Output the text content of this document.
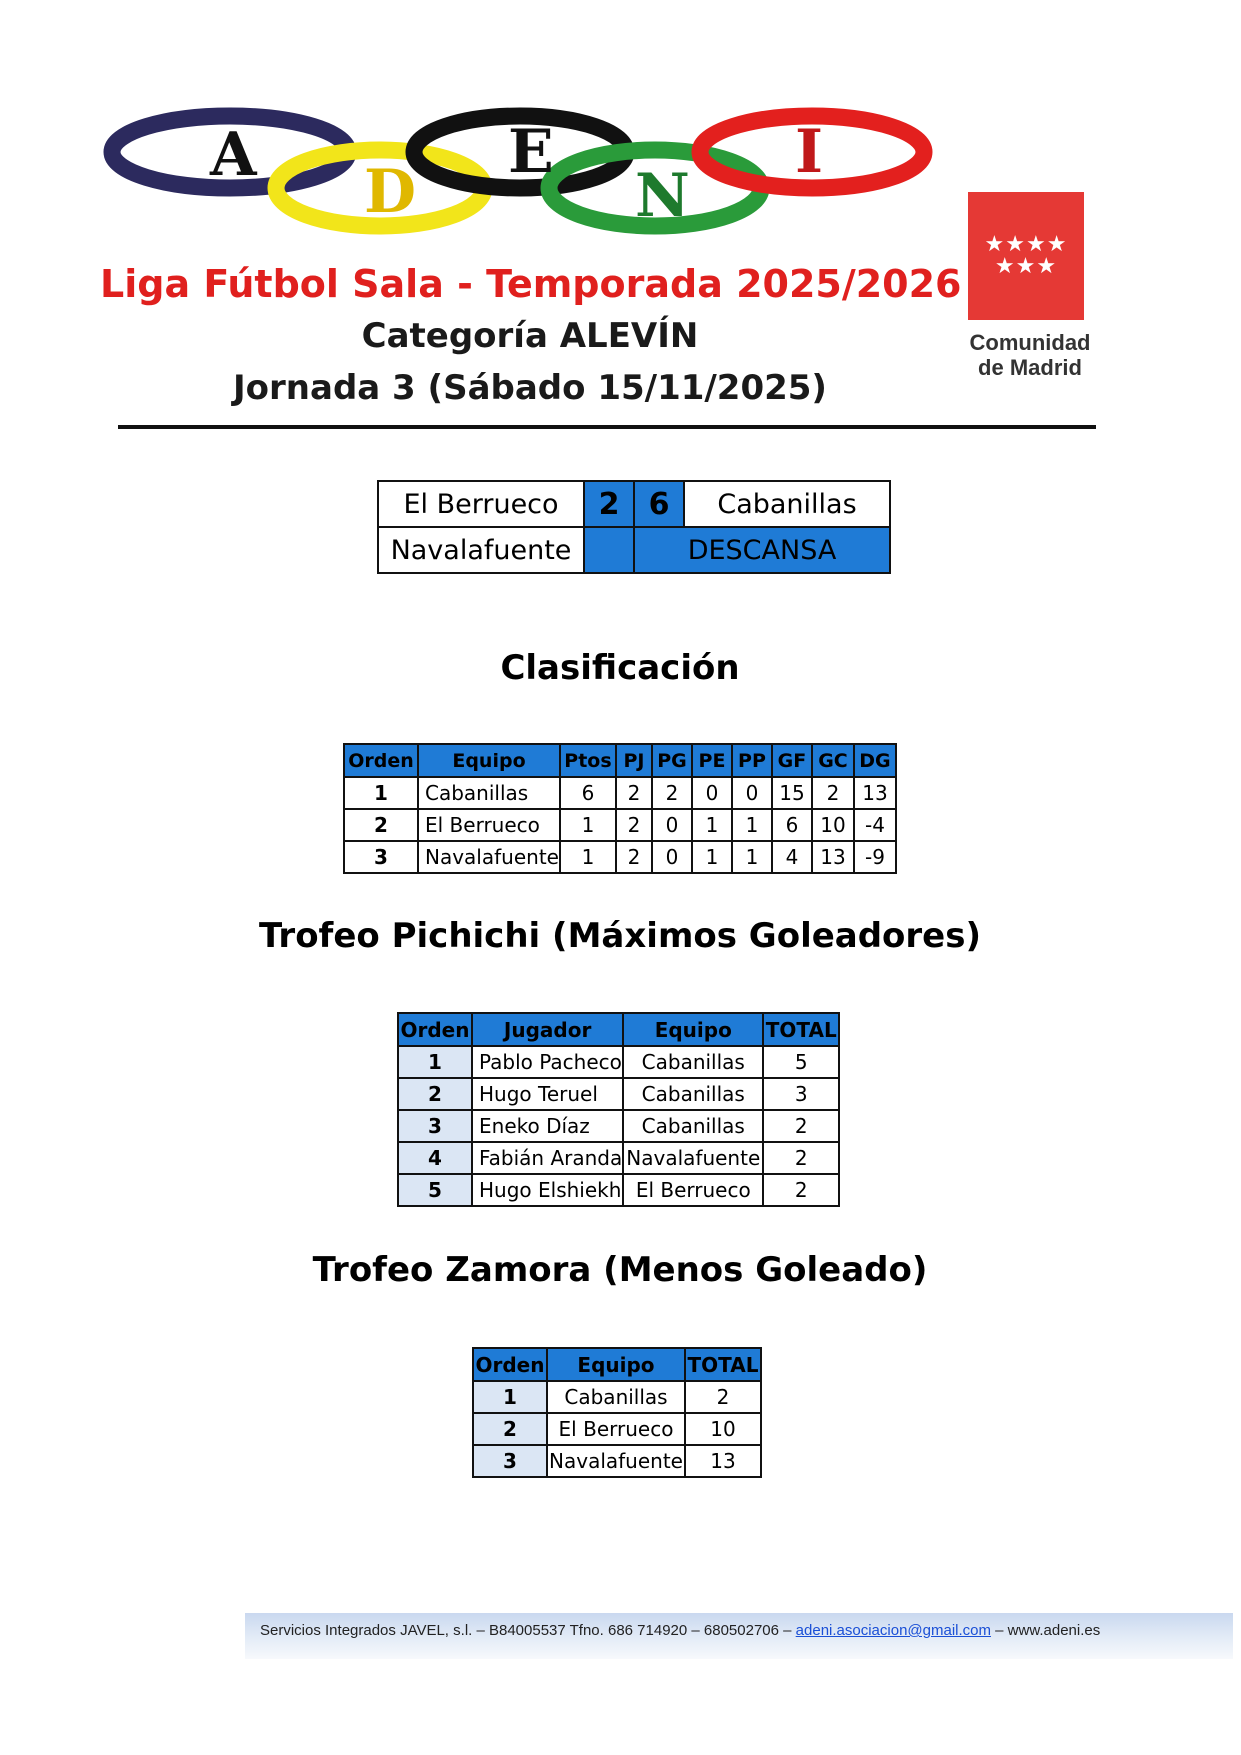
A
D
E
N
I
★★★★
★★★
Comunidad
de Madrid
Liga Fútbol Sala - Temporada 2025/2026
Categoría ALEVÍN
Jornada 3 (Sábado 15/11/2025)
El Berrueco	2	6	Cabanillas
Navalafuente		DESCANSA	
Clasificación
Orden	Equipo	Ptos	PJ	PG	PE	PP	GF	GC	DG
1	Cabanillas	6	2	2	0	0	15	2	13
2	El Berrueco	1	2	0	1	1	6	10	-4
3	Navalafuente	1	2	0	1	1	4	13	-9
Trofeo Pichichi (Máximos Goleadores)
Orden	Jugador	Equipo	TOTAL
1	Pablo Pacheco	Cabanillas	5
2	Hugo Teruel	Cabanillas	3
3	Eneko Díaz	Cabanillas	2
4	Fabián Aranda	Navalafuente	2
5	Hugo Elshiekh	El Berrueco	2
Trofeo Zamora (Menos Goleado)
Orden	Equipo	TOTAL
1	Cabanillas	2
2	El Berrueco	10
3	Navalafuente	13
Servicios Integrados JAVEL, s.l. – B84005537 Tfno. 686 714920 – 680502706 – adeni.asociacion@gmail.com – www.adeni.es
